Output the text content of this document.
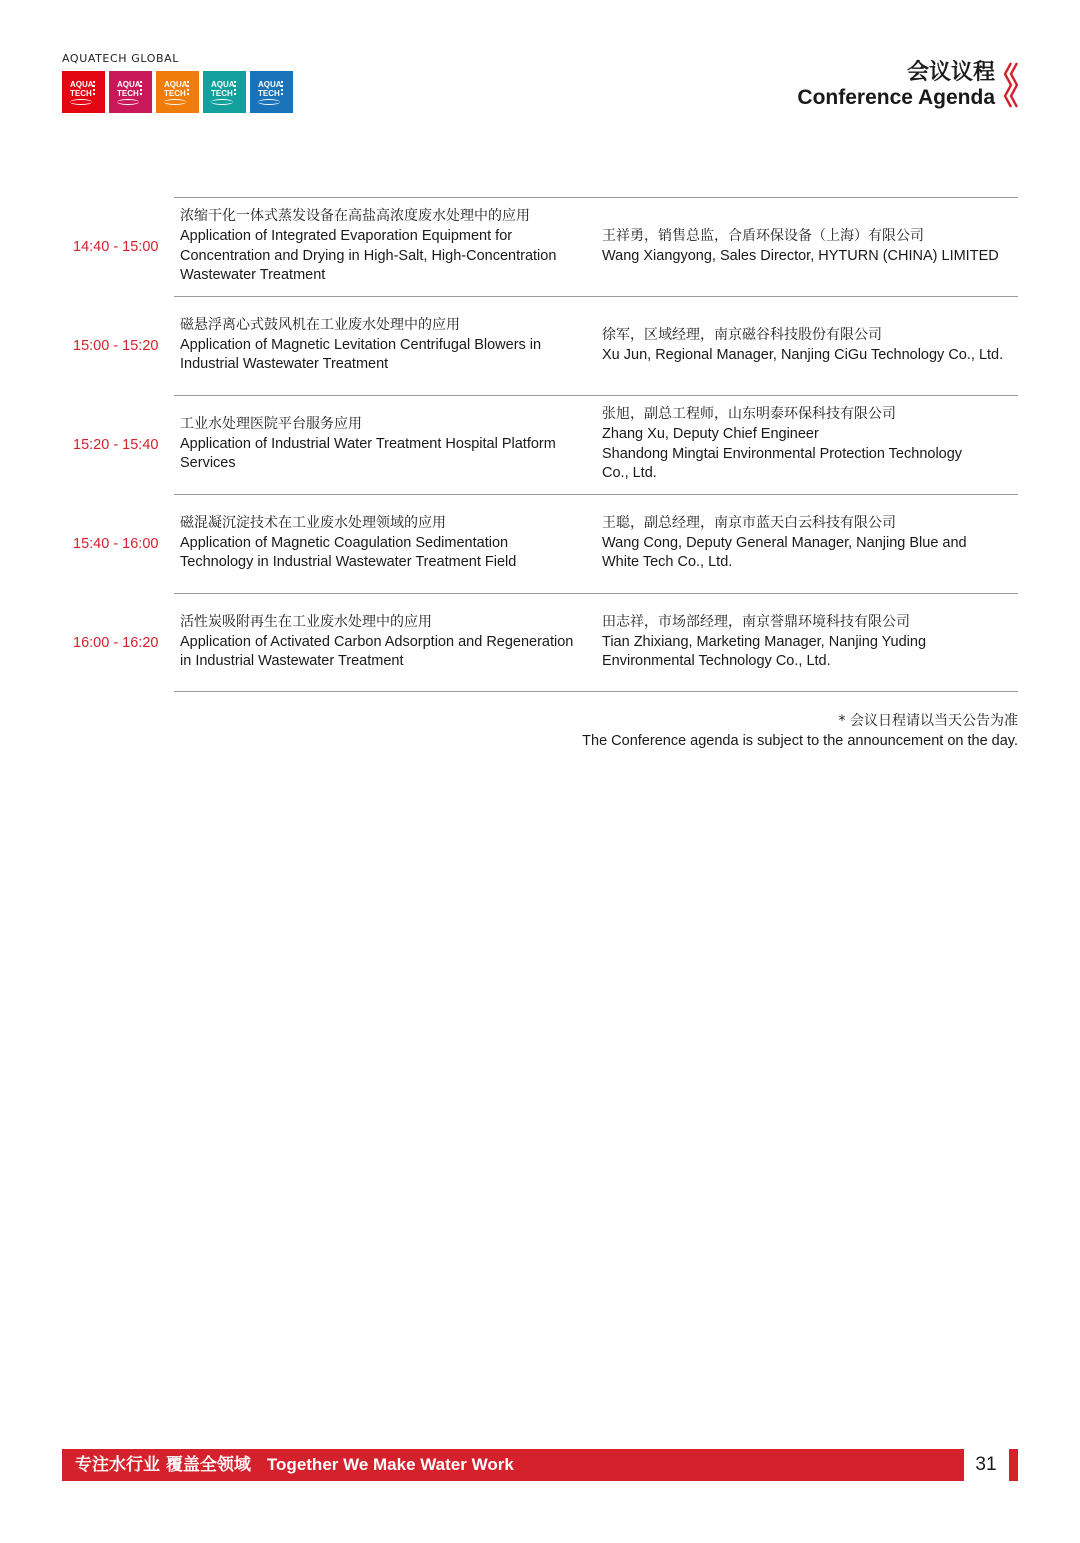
AQUATECH GLOBAL
AQUA
TECH
AQUA
TECH
AQUA
TECH
AQUA
TECH
AQUA
TECH
会议议程
Conference Agenda
14:40 - 15:00
浓缩干化一体式蒸发设备在高盐高浓度废水处理中的应用
Application of Integrated Evaporation Equipment for
Concentration and Drying in High-Salt, High-Concentration
Wastewater Treatment
王祥勇，销售总监，合盾环保设备（上海）有限公司
Wang Xiangyong, Sales Director, HYTURN (CHINA) LIMITED
15:00 - 15:20
磁悬浮离心式鼓风机在工业废水处理中的应用
Application of Magnetic Levitation Centrifugal Blowers in
Industrial Wastewater Treatment
徐军，区域经理，南京磁谷科技股份有限公司
Xu Jun, Regional Manager, Nanjing CiGu Technology Co., Ltd.
15:20 - 15:40
工业水处理医院平台服务应用
Application of Industrial Water Treatment Hospital Platform
Services
张旭，副总工程师，山东明泰环保科技有限公司
Zhang Xu, Deputy Chief Engineer
Shandong Mingtai Environmental Protection Technology
Co., Ltd.
15:40 - 16:00
磁混凝沉淀技术在工业废水处理领域的应用
Application of Magnetic Coagulation Sedimentation
Technology in Industrial Wastewater Treatment Field
王聪，副总经理，南京市蓝天白云科技有限公司
Wang Cong, Deputy General Manager, Nanjing Blue and
White Tech Co., Ltd.
16:00 - 16:20
活性炭吸附再生在工业废水处理中的应用
Application of Activated Carbon Adsorption and Regeneration
in Industrial Wastewater Treatment
田志祥，市场部经理，南京誉鼎环境科技有限公司
Tian Zhixiang, Marketing Manager, Nanjing Yuding
Environmental Technology Co., Ltd.
* 会议日程请以当天公告为准
The Conference agenda is subject to the announcement on the day.
专注水行业 覆盖全领域 Together We Make Water Work	31
